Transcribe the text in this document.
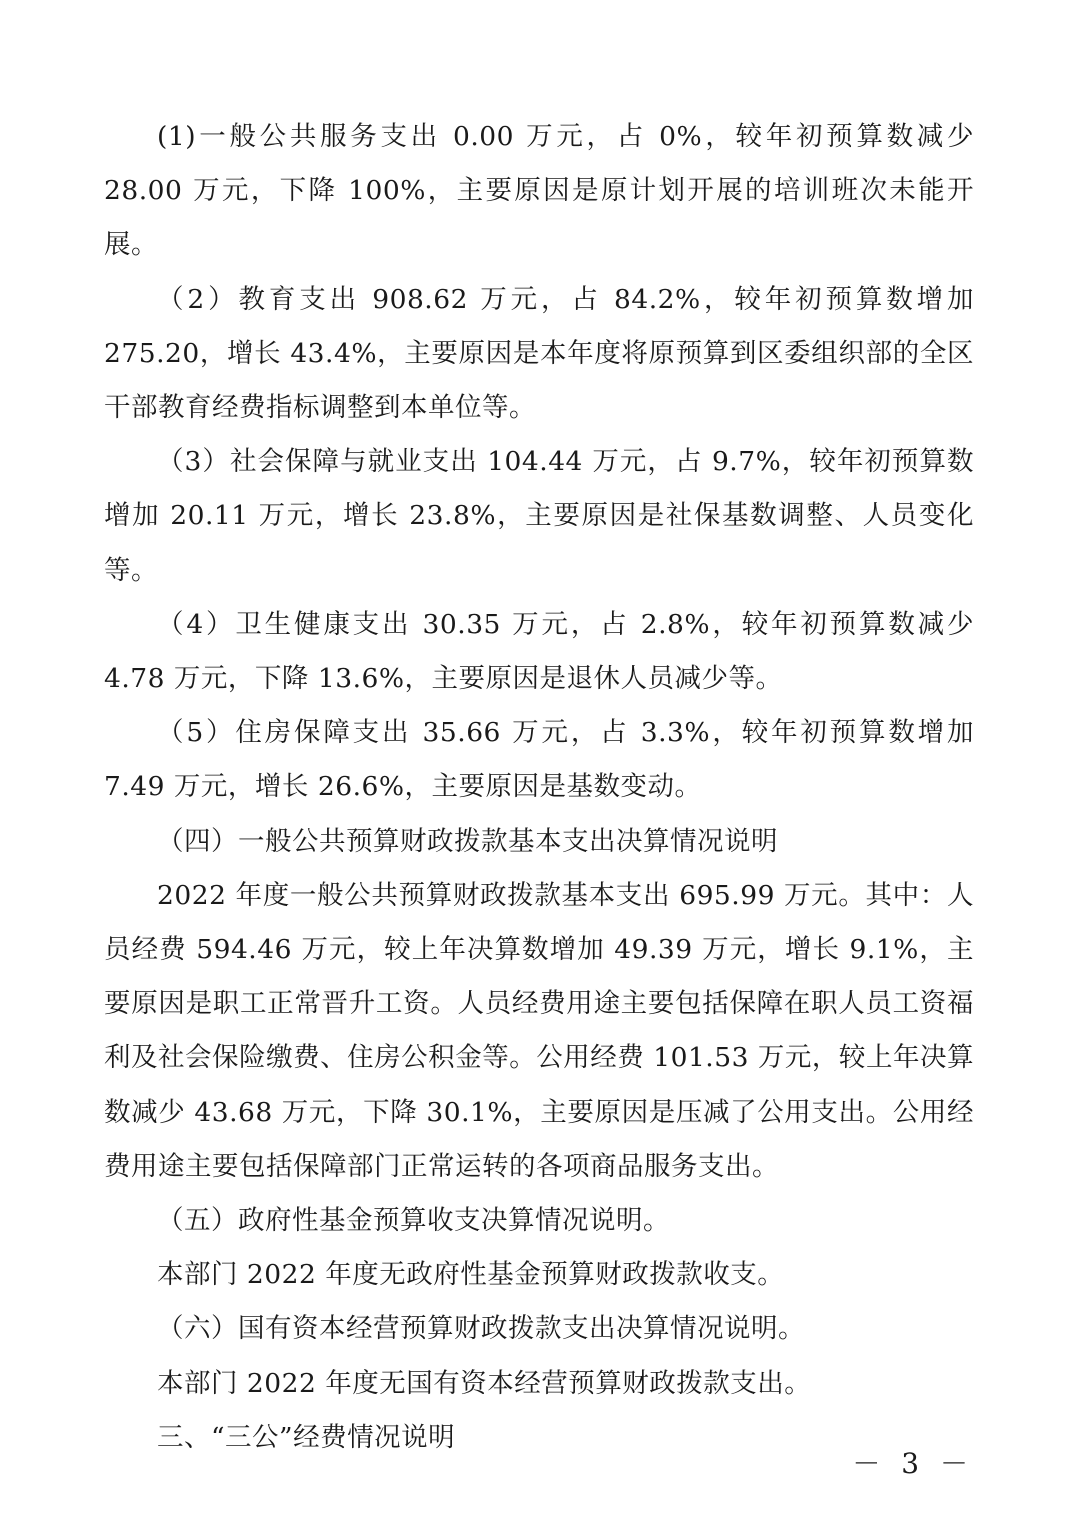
(1)一般公共服务支出 0.00 万元，占 0%，较年初预算数减少 28.00 万元，下降 100%，主要原因是原计划开展的培训班次未能开展。

（2）教育支出 908.62 万元，占 84.2%，较年初预算数增加 275.20，增长 43.4%，主要原因是本年度将原预算到区委组织部的全区干部教育经费指标调整到本单位等。

（3）社会保障与就业支出 104.44 万元，占 9.7%，较年初预算数增加 20.11 万元，增长 23.8%，主要原因是社保基数调整、人员变化等。

（4）卫生健康支出 30.35 万元，占 2.8%，较年初预算数减少 4.78 万元，下降 13.6%，主要原因是退休人员减少等。

（5）住房保障支出 35.66 万元，占 3.3%，较年初预算数增加 7.49 万元，增长 26.6%，主要原因是基数变动。

（四）一般公共预算财政拨款基本支出决算情况说明

2022 年度一般公共预算财政拨款基本支出 695.99 万元。其中：人员经费 594.46 万元，较上年决算数增加 49.39 万元，增长 9.1%，主要原因是职工正常晋升工资。人员经费用途主要包括保障在职人员工资福利及社会保险缴费、住房公积金等。公用经费 101.53 万元，较上年决算数减少 43.68 万元，下降 30.1%，主要原因是压减了公用支出。公用经费用途主要包括保障部门正常运转的各项商品服务支出。

（五）政府性基金预算收支决算情况说明。

本部门 2022 年度无政府性基金预算财政拨款收支。

（六）国有资本经营预算财政拨款支出决算情况说明。

本部门 2022 年度无国有资本经营预算财政拨款支出。

三、“三公”经费情况说明

－ 3 －
